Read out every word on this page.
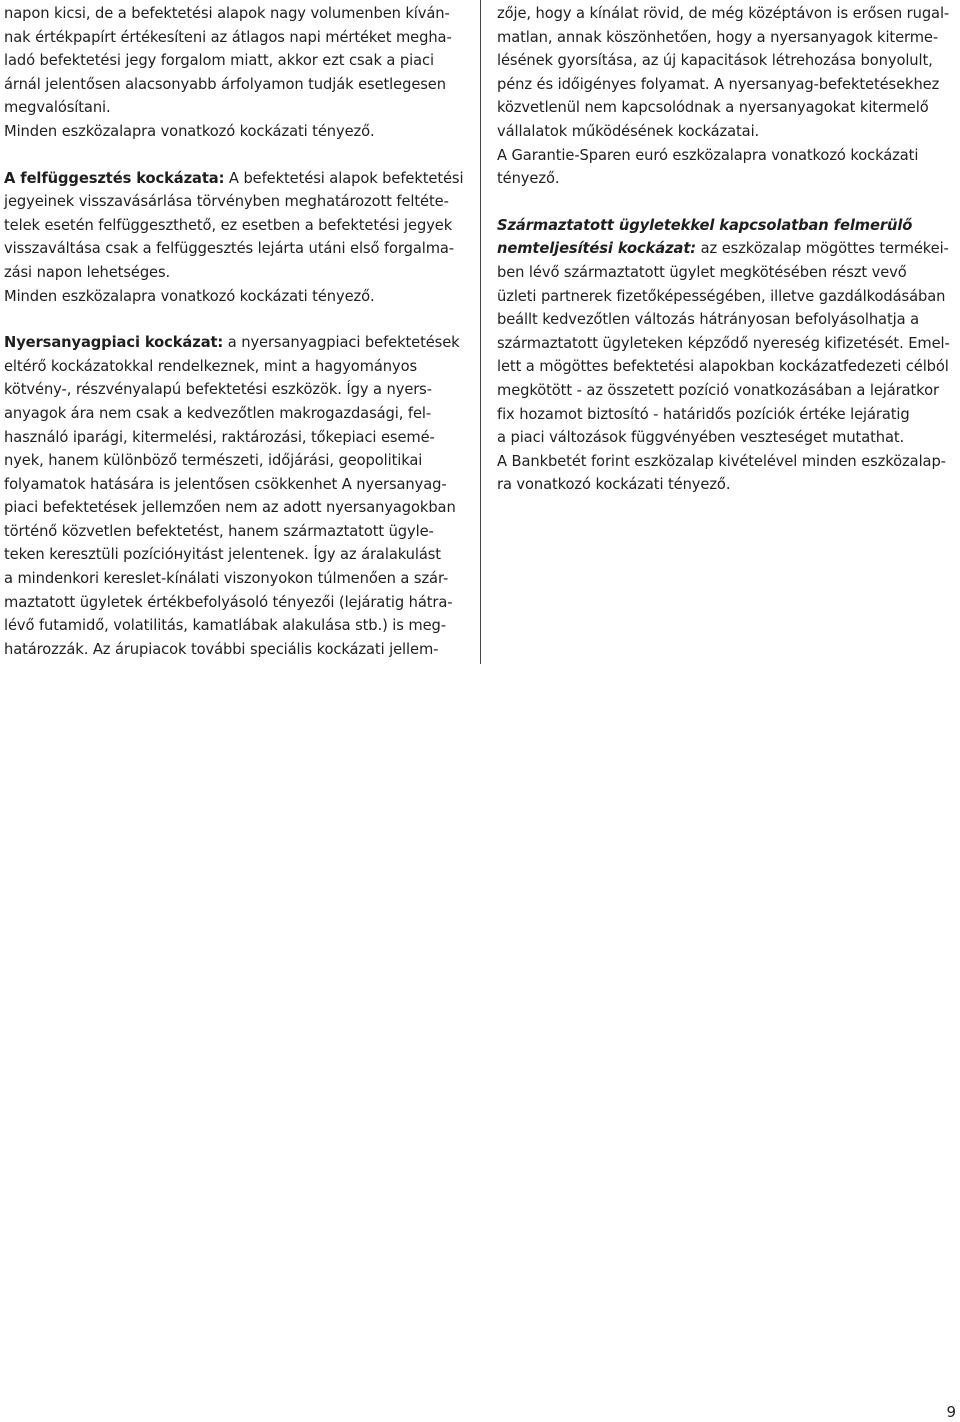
napon kicsi, de a befektetési alapok nagy volumenben kíván-
nak értékpapírt értékesíteni az átlagos napi mértéket megha-
ladó befektetési jegy forgalom miatt, akkor ezt csak a piaci
árnál jelentősen alacsonyabb árfolyamon tudják esetlegesen
megvalósítani.
Minden eszközalapra vonatkozó kockázati tényező.
A felfüggesztés kockázata: A befektetési alapok befektetési
jegyeinek visszavásárlása törvényben meghatározott feltéte-
telek esetén felfüggeszthető, ez esetben a befektetési jegyek
visszaváltása csak a felfüggesztés lejárta utáni első forgalma-
zási napon lehetséges.
Minden eszközalapra vonatkozó kockázati tényező.
Nyersanyagpiaci kockázat: a nyersanyagpiaci befektetések
eltérő kockázatokkal rendelkeznek, mint a hagyományos
kötvény-, részvényalapú befektetési eszközök. Így a nyers-
anyagok ára nem csak a kedvezőtlen makrogazdasági, fel-
használó iparági, kitermelési, raktározási, tőkepiaci esemé-
nyek, hanem különböző természeti, időjárási, geopolitikai
folyamatok hatására is jelentősen csökkenhet A nyersanyag-
piaci befektetések jellemzően nem az adott nyersanyagokban
történő közvetlen befektetést, hanem származtatott ügyle-
teken keresztüli pozícióнyitást jelentenek. Így az áralakulást
a mindenkori kereslet-kínálati viszonyokon túlmenően a szár-
maztatott ügyletek értékbefolyásoló tényezői (lejáratig hátra-
lévő futamidő, volatilitás, kamatlábak alakulása stb.) is meg-
határozzák. Az árupiacok további speciális kockázati jellem-
zője, hogy a kínálat rövid, de még középtávon is erősen rugal-
matlan, annak köszönhetően, hogy a nyersanyagok kiterme-
lésének gyorsítása, az új kapacitások létrehozása bonyolult,
pénz és időigényes folyamat. A nyersanyag-befektetésekhez
közvetlenül nem kapcsolódnak a nyersanyagokat kitermelő
vállalatok működésének kockázatai.
A Garantie-Sparen euró eszközalapra vonatkozó kockázati
tényező.
Származtatott ügyletekkel kapcsolatban felmerülő
nemteljesítési kockázat: az eszközalap mögöttes termékei-
ben lévő származtatott ügylet megkötésében részt vevő
üzleti partnerek fizetőképességében, illetve gazdálkodásában
beállt kedvezőtlen változás hátrányosan befolyásolhatja a
származtatott ügyleteken képződő nyereség kifizetését. Emel-
lett a mögöttes befektetési alapokban kockázatfedezeti célból
megkötött - az összetett pozíció vonatkozásában a lejáratkor
fix hozamot biztosító - határidős pozíciók értéke lejáratig
a piaci változások függvényében veszteséget mutathat.
A Bankbetét forint eszközalap kivételével minden eszközalap-
ra vonatkozó kockázati tényező.
9
